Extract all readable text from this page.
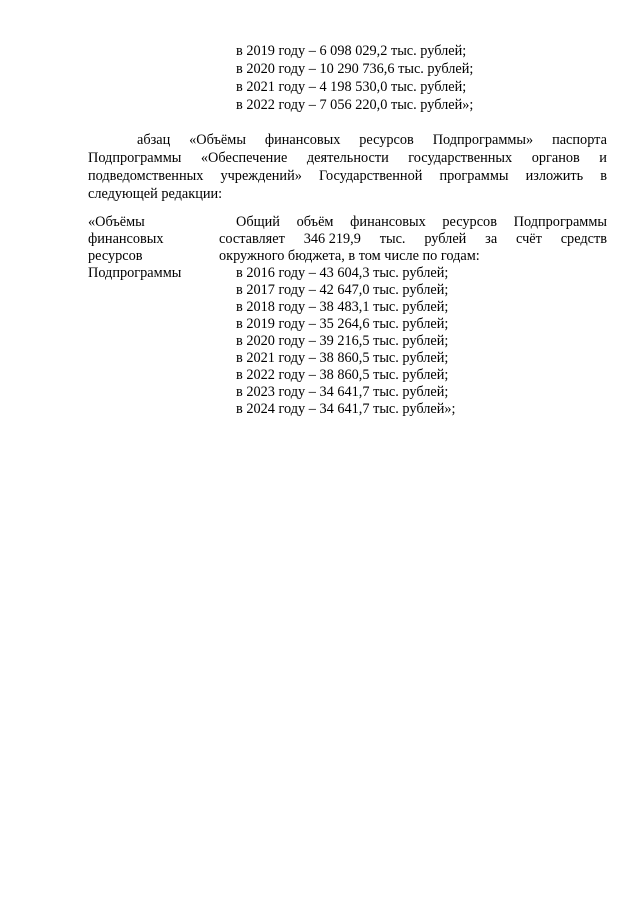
в 2019 году – 6 098 029,2 тыс. рублей;
в 2020 году – 10 290 736,6 тыс. рублей;
в 2021 году – 4 198 530,0 тыс. рублей;
в 2022 году – 7 056 220,0 тыс. рублей»;
абзац «Объёмы финансовых ресурсов Подпрограммы» паспорта
Подпрограммы «Обеспечение деятельности государственных органов и
подведомственных учреждений» Государственной программы изложить в
следующей редакции:
«Объёмы
финансовых
ресурсов
Подпрограммы
Общий объём финансовых ресурсов Подпрограммы
составляет 346 219,9 тыс. рублей за счёт средств
окружного бюджета, в том числе по годам:
в 2016 году – 43 604,3 тыс. рублей;
в 2017 году – 42 647,0 тыс. рублей;
в 2018 году – 38 483,1 тыс. рублей;
в 2019 году – 35 264,6 тыс. рублей;
в 2020 году – 39 216,5 тыс. рублей;
в 2021 году – 38 860,5 тыс. рублей;
в 2022 году – 38 860,5 тыс. рублей;
в 2023 году – 34 641,7 тыс. рублей;
в 2024 году – 34 641,7 тыс. рублей»;
